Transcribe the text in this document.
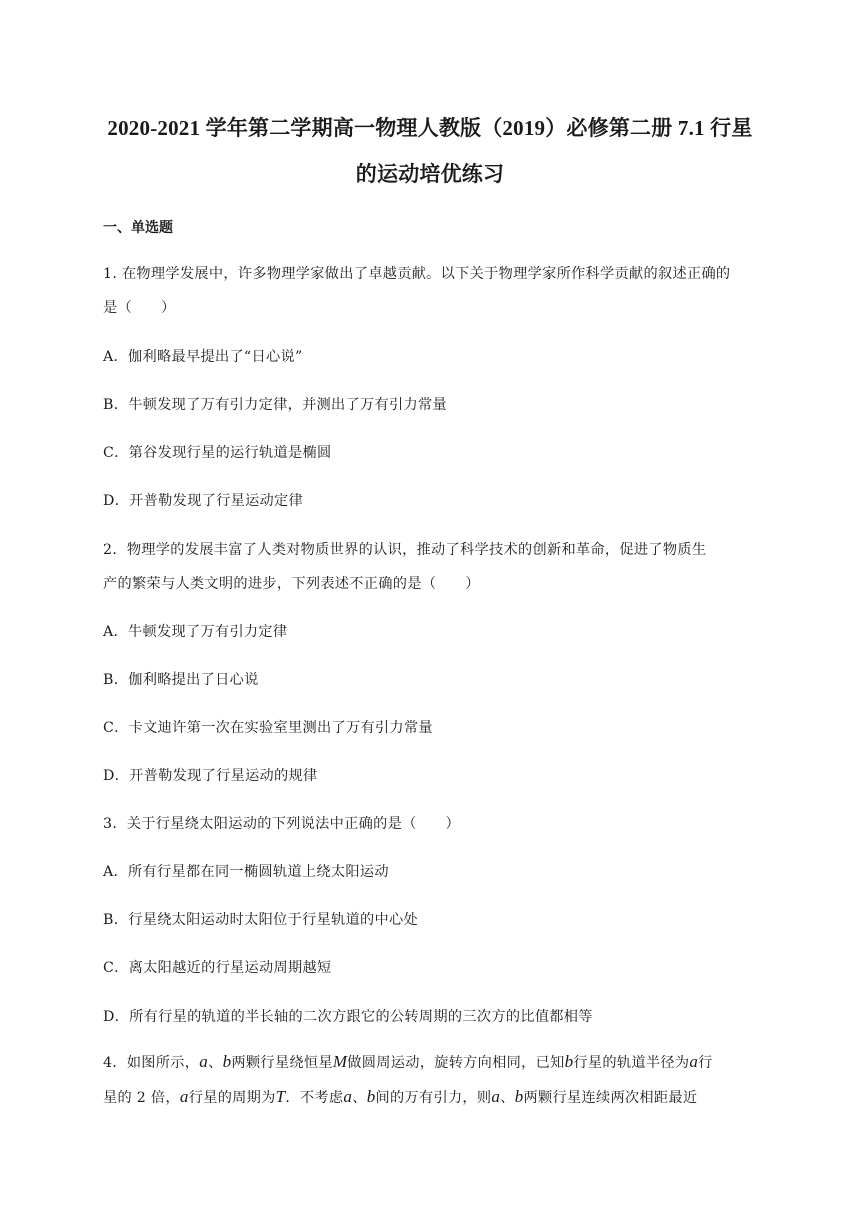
2020-2021 学年第二学期高一物理人教版（2019）必修第二册 7.1 行星
的运动培优练习
一、单选题
1. 在物理学发展中，许多物理学家做出了卓越贡献。以下关于物理学家所作科学贡献的叙述正确的
是（　　）
A．伽利略最早提出了“日心说”
B．牛顿发现了万有引力定律，并测出了万有引力常量
C．第谷发现行星的运行轨道是椭圆
D．开普勒发现了行星运动定律
2．物理学的发展丰富了人类对物质世界的认识，推动了科学技术的创新和革命，促进了物质生
产的繁荣与人类文明的进步，下列表述不正确的是（　　）
A．牛顿发现了万有引力定律
B．伽利略提出了日心说
C．卡文迪许第一次在实验室里测出了万有引力常量
D．开普勒发现了行星运动的规律
3．关于行星绕太阳运动的下列说法中正确的是（　　）
A．所有行星都在同一椭圆轨道上绕太阳运动
B．行星绕太阳运动时太阳位于行星轨道的中心处
C．离太阳越近的行星运动周期越短
D．所有行星的轨道的半长轴的二次方跟它的公转周期的三次方的比值都相等
4．如图所示，a、b两颗行星绕恒星M做圆周运动，旋转方向相同，已知b行星的轨道半径为a行
星的 2 倍，a行星的周期为T．不考虑a、b间的万有引力，则a、b两颗行星连续两次相距最近
